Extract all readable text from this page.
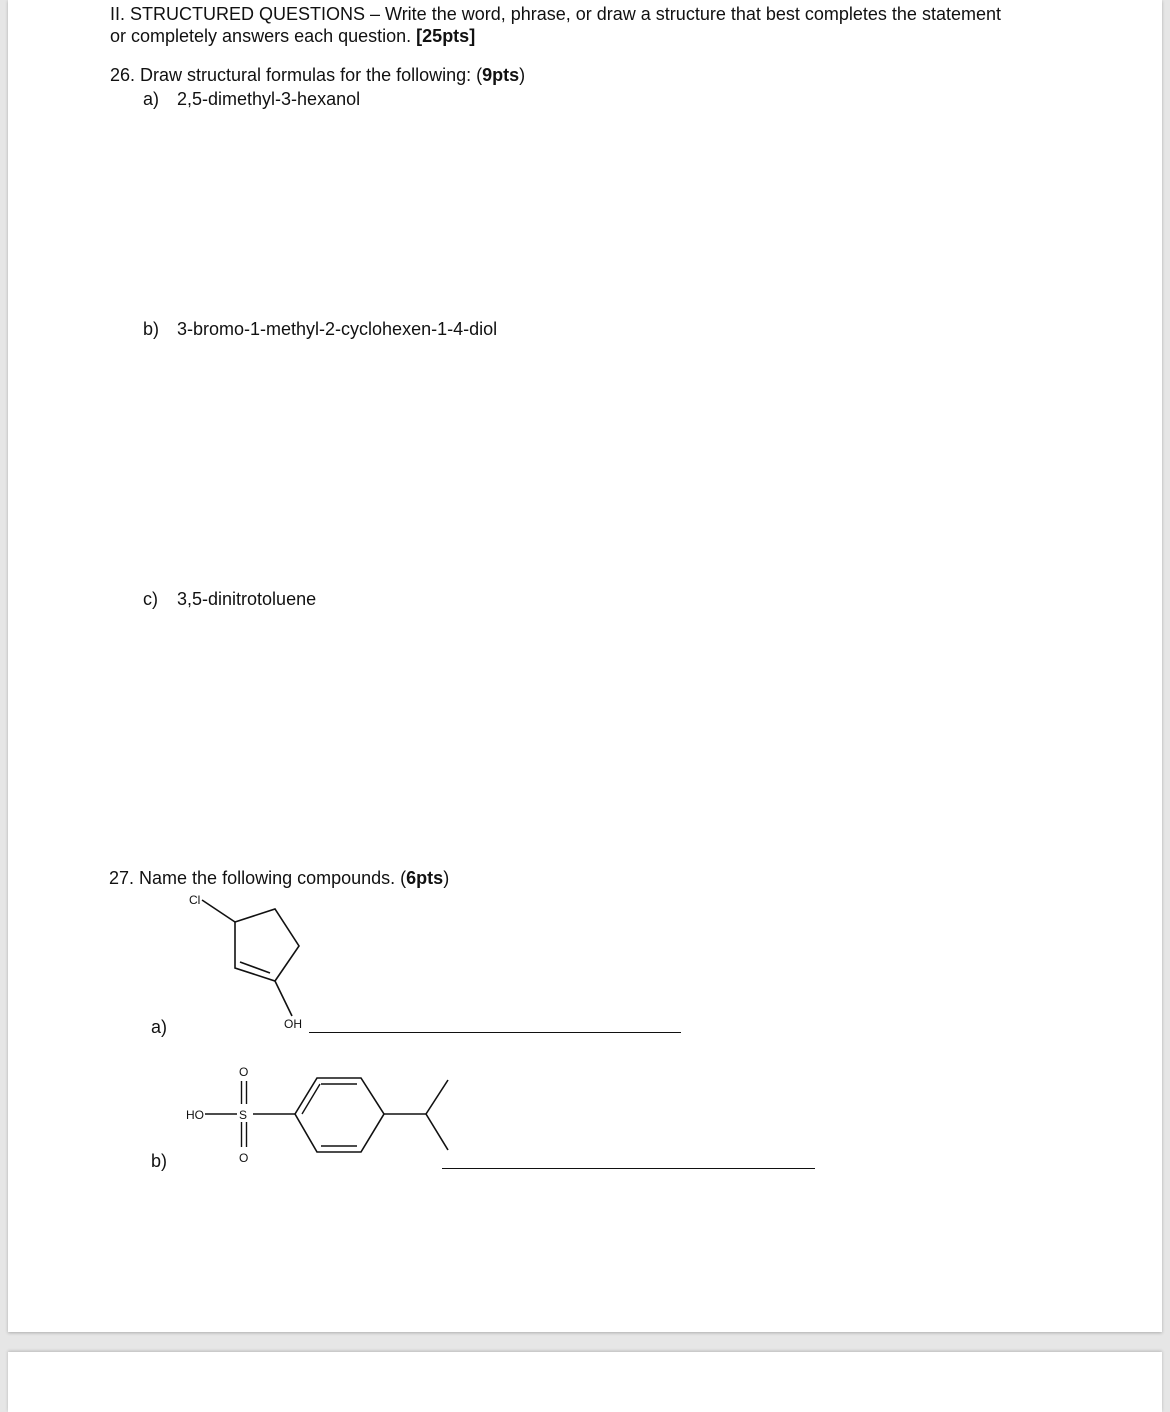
II. STRUCTURED QUESTIONS – Write the word, phrase, or draw a structure that best completes the statement
or completely answers each question. [25pts]
26. Draw structural formulas for the following: (9pts)
a) 2,5-dimethyl-3-hexanol
b) 3-bromo-1-methyl-2-cyclohexen-1-4-diol
c) 3,5-dinitrotoluene
27. Name the following compounds. (6pts)
a)
Cl
OH
b)
HO	S
O
O
